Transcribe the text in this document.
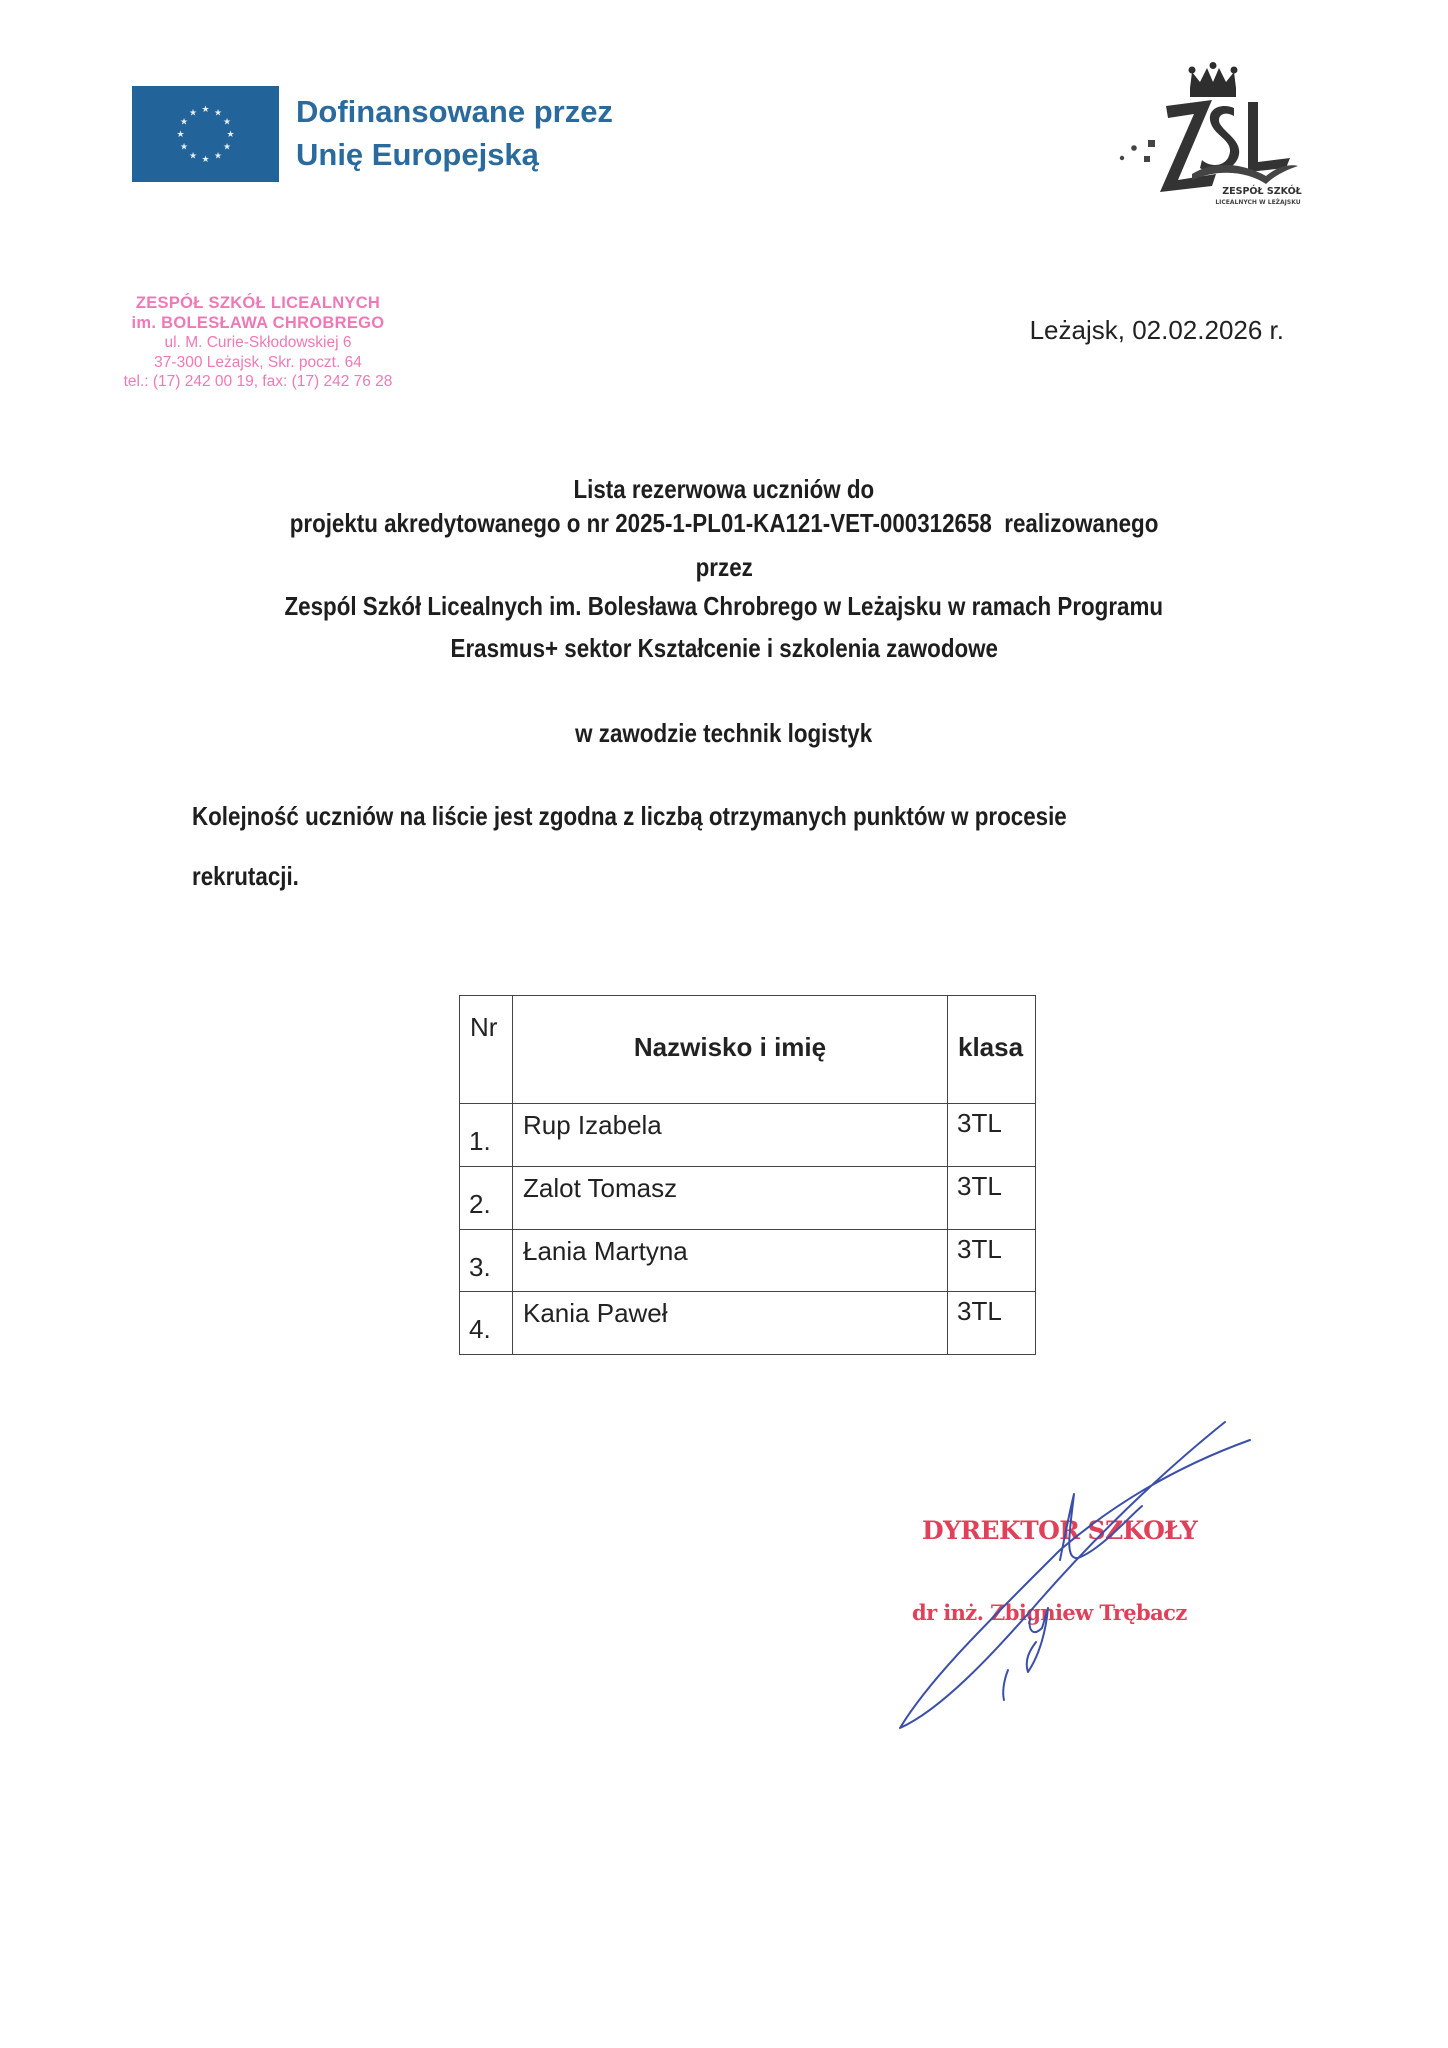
★ ★
★
★
★
★
★
★
★
★
★
★	Dofinansowane przez
Unię Europejską
ZESPÓŁ SZKÓŁ
LICEALNYCH W LEŻAJSKU
ZESPÓŁ SZKÓŁ LICEALNYCH
im. BOLESŁAWA CHROBREGO
ul. M. Curie-Skłodowskiej 6
37-300 Leżajsk, Skr. poczt. 64
tel.: (17) 242 00 19, fax: (17) 242 76 28
Leżajsk, 02.02.2026 r.
Lista rezerwowa uczniów do
projektu akredytowanego o nr 2025-1-PL01-KA121-VET-000312658  realizowanego
przez
Zespól Szkół Licealnych im. Bolesława Chrobrego w Leżajsku w ramach Programu
Erasmus+ sektor Kształcenie i szkolenia zawodowe
w zawodzie technik logistyk
Kolejność uczniów na liście jest zgodna z liczbą otrzymanych punktów w procesie
rekrutacji.
Nr	Nazwisko i imię	klasa

1.	Rup Izabela	3TL

2.	Zalot Tomasz	3TL

3.	Łania Martyna	3TL

4.	Kania Paweł	3TL
DYREKTOR SZKOŁY
dr inż. Zbigniew Trębacz
